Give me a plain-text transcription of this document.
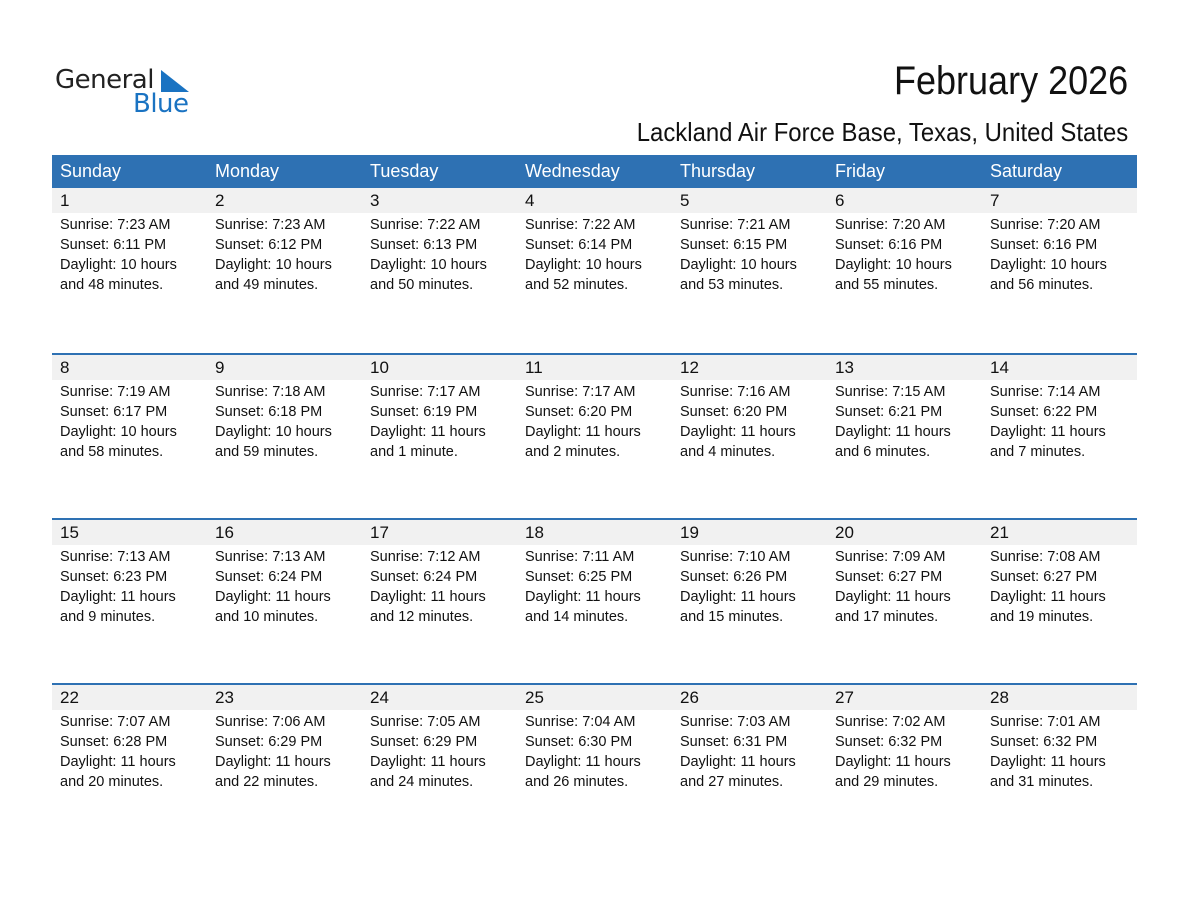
General
Blue
February 2026
Lackland Air Force Base, Texas, United States
Sunday	Monday	Tuesday	Wednesday	Thursday	Friday	Saturday
1	2	3	4	5	6	7
Sunrise: 7:23 AM
Sunset: 6:11 PM
Daylight: 10 hours
and 48 minutes.
Sunrise: 7:23 AM
Sunset: 6:12 PM
Daylight: 10 hours
and 49 minutes.
Sunrise: 7:22 AM
Sunset: 6:13 PM
Daylight: 10 hours
and 50 minutes.
Sunrise: 7:22 AM
Sunset: 6:14 PM
Daylight: 10 hours
and 52 minutes.
Sunrise: 7:21 AM
Sunset: 6:15 PM
Daylight: 10 hours
and 53 minutes.
Sunrise: 7:20 AM
Sunset: 6:16 PM
Daylight: 10 hours
and 55 minutes.
Sunrise: 7:20 AM
Sunset: 6:16 PM
Daylight: 10 hours
and 56 minutes.
8	9	10	11	12	13	14
Sunrise: 7:19 AM
Sunset: 6:17 PM
Daylight: 10 hours
and 58 minutes.
Sunrise: 7:18 AM
Sunset: 6:18 PM
Daylight: 10 hours
and 59 minutes.
Sunrise: 7:17 AM
Sunset: 6:19 PM
Daylight: 11 hours
and 1 minute.
Sunrise: 7:17 AM
Sunset: 6:20 PM
Daylight: 11 hours
and 2 minutes.
Sunrise: 7:16 AM
Sunset: 6:20 PM
Daylight: 11 hours
and 4 minutes.
Sunrise: 7:15 AM
Sunset: 6:21 PM
Daylight: 11 hours
and 6 minutes.
Sunrise: 7:14 AM
Sunset: 6:22 PM
Daylight: 11 hours
and 7 minutes.
15	16	17	18	19	20	21
Sunrise: 7:13 AM
Sunset: 6:23 PM
Daylight: 11 hours
and 9 minutes.
Sunrise: 7:13 AM
Sunset: 6:24 PM
Daylight: 11 hours
and 10 minutes.
Sunrise: 7:12 AM
Sunset: 6:24 PM
Daylight: 11 hours
and 12 minutes.
Sunrise: 7:11 AM
Sunset: 6:25 PM
Daylight: 11 hours
and 14 minutes.
Sunrise: 7:10 AM
Sunset: 6:26 PM
Daylight: 11 hours
and 15 minutes.
Sunrise: 7:09 AM
Sunset: 6:27 PM
Daylight: 11 hours
and 17 minutes.
Sunrise: 7:08 AM
Sunset: 6:27 PM
Daylight: 11 hours
and 19 minutes.
22	23	24	25	26	27	28
Sunrise: 7:07 AM
Sunset: 6:28 PM
Daylight: 11 hours
and 20 minutes.
Sunrise: 7:06 AM
Sunset: 6:29 PM
Daylight: 11 hours
and 22 minutes.
Sunrise: 7:05 AM
Sunset: 6:29 PM
Daylight: 11 hours
and 24 minutes.
Sunrise: 7:04 AM
Sunset: 6:30 PM
Daylight: 11 hours
and 26 minutes.
Sunrise: 7:03 AM
Sunset: 6:31 PM
Daylight: 11 hours
and 27 minutes.
Sunrise: 7:02 AM
Sunset: 6:32 PM
Daylight: 11 hours
and 29 minutes.
Sunrise: 7:01 AM
Sunset: 6:32 PM
Daylight: 11 hours
and 31 minutes.
